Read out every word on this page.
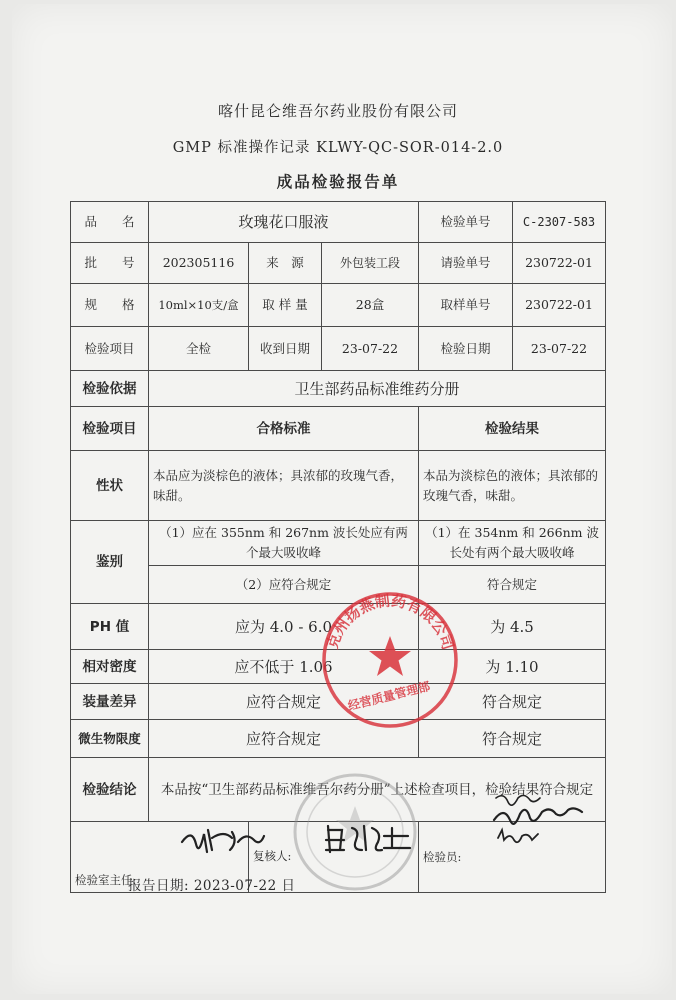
喀什昆仑维吾尔药业股份有限公司
GMP 标准操作记录 KLWY-QC-SOR-014-2.0
成品检验报告单
品　　名	玫瑰花口服液			检验单号	C-2307-583
批　　号	202305116	来　源	外包装工段	请验单号	230722-01
规　　格	10ml×10支/盒	取 样 量	28盒	取样单号	230722-01
检验项目	全检	收到日期	23-07-22	检验日期	23-07-22
检验依据	卫生部药品标准维药分册				
检验项目	合格标准			检验结果	
性状	本品应为淡棕色的液体；具浓郁的玫瑰气香，味甜。			本品为淡棕色的液体；具浓郁的玫瑰气香，味甜。	
鉴别	（1）应在 355nm 和 267nm 波长处应有两个最大吸收峰			（1）在 354nm 和 266nm 波长处有两个最大吸收峰	
	（2）应符合规定			符合规定	
PH 值	应为 4.0 - 6.0			为 4.5	
相对密度	应不低于 1.06			为 1.10	
装量差异	应符合规定			符合规定	
微生物限度	应符合规定			符合规定	
检验结论	本品按“卫生部药品标准维吾尔药分册”上述检查项目，检验结果符合规定				
检验室主任:		复核人:		检验员:	
报告日期: 2023-07-22 日
克州扬燕制药有限公司
经营质量管理部
